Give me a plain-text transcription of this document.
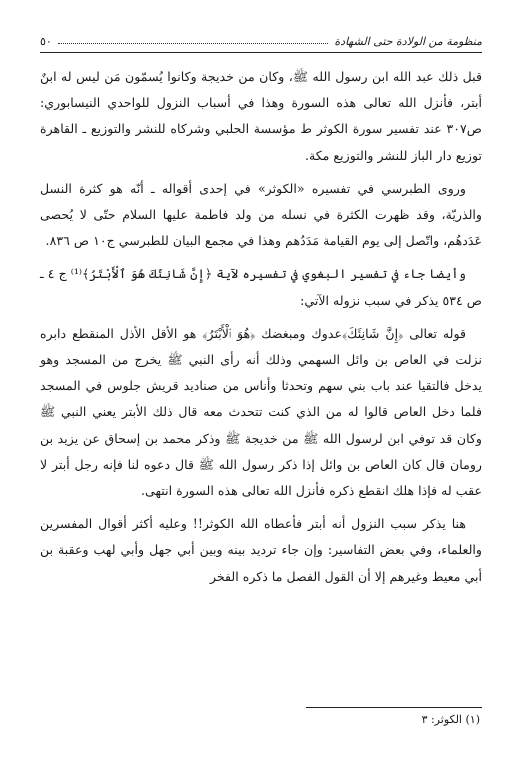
منظومة من الولادة حتى الشهادة
٥٠

قبل ذلك عبد الله ابن رسول الله ﷺ، وكان من خديجة وكانوا يُسمّون مَن ليس له ابنٌ أبتر، فأنزل الله تعالى هذه السورة وهذا في أسباب النزول للواحدي النيسابوري: ص٣٠٧ عند تفسير سورة الكوثر ط مؤسسة الحلبي وشركاه للنشر والتوزيع ـ القاهرة توزيع دار الباز للنشر والتوزيع مكة.

وروى الطبرسي في تفسيره «الكوثر» في إحدى أقواله ـ أنّه هو كثرة النسل والذريّة، وقد ظهرت الكثرة في نسله من ولد فاطمة عليها السلام حتّى لا يُحصى عَدَدهُم، واتّصل إلى يوم القيامة مَدَدُهم وهذا في مجمع البيان للطبرسي ج١٠ ص ٨٣٦.

وأيضا جاء في تفسير البغوي في تفسيره لآية ﴿إِنَّ شَانِئَكَ هُوَ ٱلْأَبْتَرُ﴾⁽¹⁾ ج ٤ ـ ص ٥٣٤ يذكر في سبب نزوله الآتي:

قوله تعالى ﴿إِنَّ شَانِئَكَ﴾عدوك ومبغضك ﴿هُوَ ٱلْأَبْتَرُ﴾ هو الأقل الأذل المنقطع دابره نزلت في العاص بن وائل السهمي وذلك أنه رأى النبي ﷺ يخرج من المسجد وهو يدخل فالتقيا عند باب بني سهم وتحدثا وأناس من صناديد قريش جلوس في المسجد فلما دخل العاص قالوا له من الذي كنت تتحدث معه قال ذلك الأبتر يعني النبي ﷺ وكان قد توفي ابن لرسول الله ﷺ من خديجة ﷺ وذكر محمد بن إسحاق عن يزيد بن رومان قال كان العاص بن وائل إذا ذكر رسول الله ﷺ قال دعوه لنا فإنه رجل أبتر لا عقب له فإذا هلك انقطع ذكره فأنزل الله تعالى هذه السورة انتهى.

هنا يذكر سبب النزول أنه أبتر فأعطاه الله الكوثر!! وعليه أكثر أقوال المفسرين والعلماء، وفي بعض التفاسير: وإن جاء ترديد بينه وبين أبي جهل وأبي لهب وعقبة بن أبي معيط وغيرهم إلا أن القول الفصل ما ذكره الفخر

(١) الكوثر: ٣
